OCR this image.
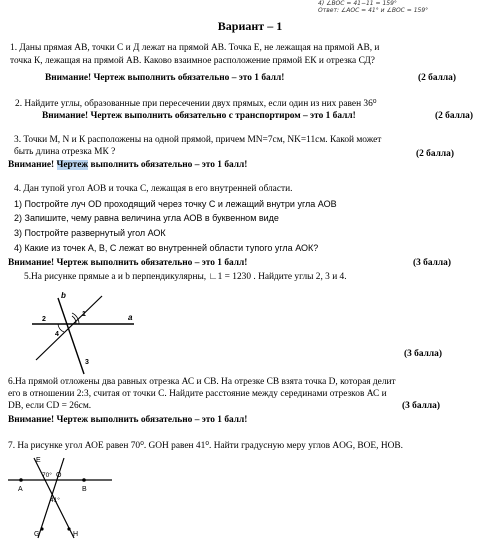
4) ∠BOC = 41−11 = 159°
Ответ: ∠AOC = 41° и ∠BOC = 159°
Вариант – 1
1. Даны прямая АВ, точки С и Д лежат на прямой АВ. Точка Е, не лежащая на прямой АВ, и
точка К, лежащая на прямой АВ. Каково взаимное расположение прямой ЕК и отрезка СД?
Внимание! Чертеж выполнить обязательно – это 1 балл!	(2 балла)
2. Найдите углы, образованные при пересечении двух прямых, если один из них равен 36⁰
Внимание! Чертеж выполнить обязательно с транспортиром – это 1 балл!	(2 балла)
3. Точки М, N и К расположены на одной прямой, причем MN=7см, NK=11см. Какой может
быть длина отрезка МК ?	(2 балла)
Внимание! Чертеж выполнить обязательно – это 1 балл!
4. Дан тупой угол АОВ и точка С, лежащая в его внутренней области.
1) Постройте луч OD проходящий через точку С и лежащий внутри угла АОВ
2) Запишите, чему равна величина угла АОВ в буквенном виде
3) Постройте развернутый угол АОК
4) Какие из точек А, В, С лежат во внутренней области тупого угла АОК?
Внимание! Чертеж выполнить обязательно – это 1 балл!	(3 балла)
5.На рисунке прямые a и b перпендикулярны, ∟1 = 1230 . Найдите углы 2, 3 и 4.
b
a
2
1
4
3
(3 балла)
6.На прямой отложены два равных отрезка АС и СВ. На отрезке СВ взята точка D, которая делит
его в отношении 2:3, считая от точки С. Найдите расстояние между серединами отрезков АС и
DB, если CD = 26см.	(3 балла)
Внимание! Чертеж выполнить обязательно – это 1 балл!
7. На рисунке угол АОЕ равен 70⁰. GOH равен 41⁰. Найти градусную меру углов AOG, BOE, HOB.
E
70° O
A	B
41°
G	H
